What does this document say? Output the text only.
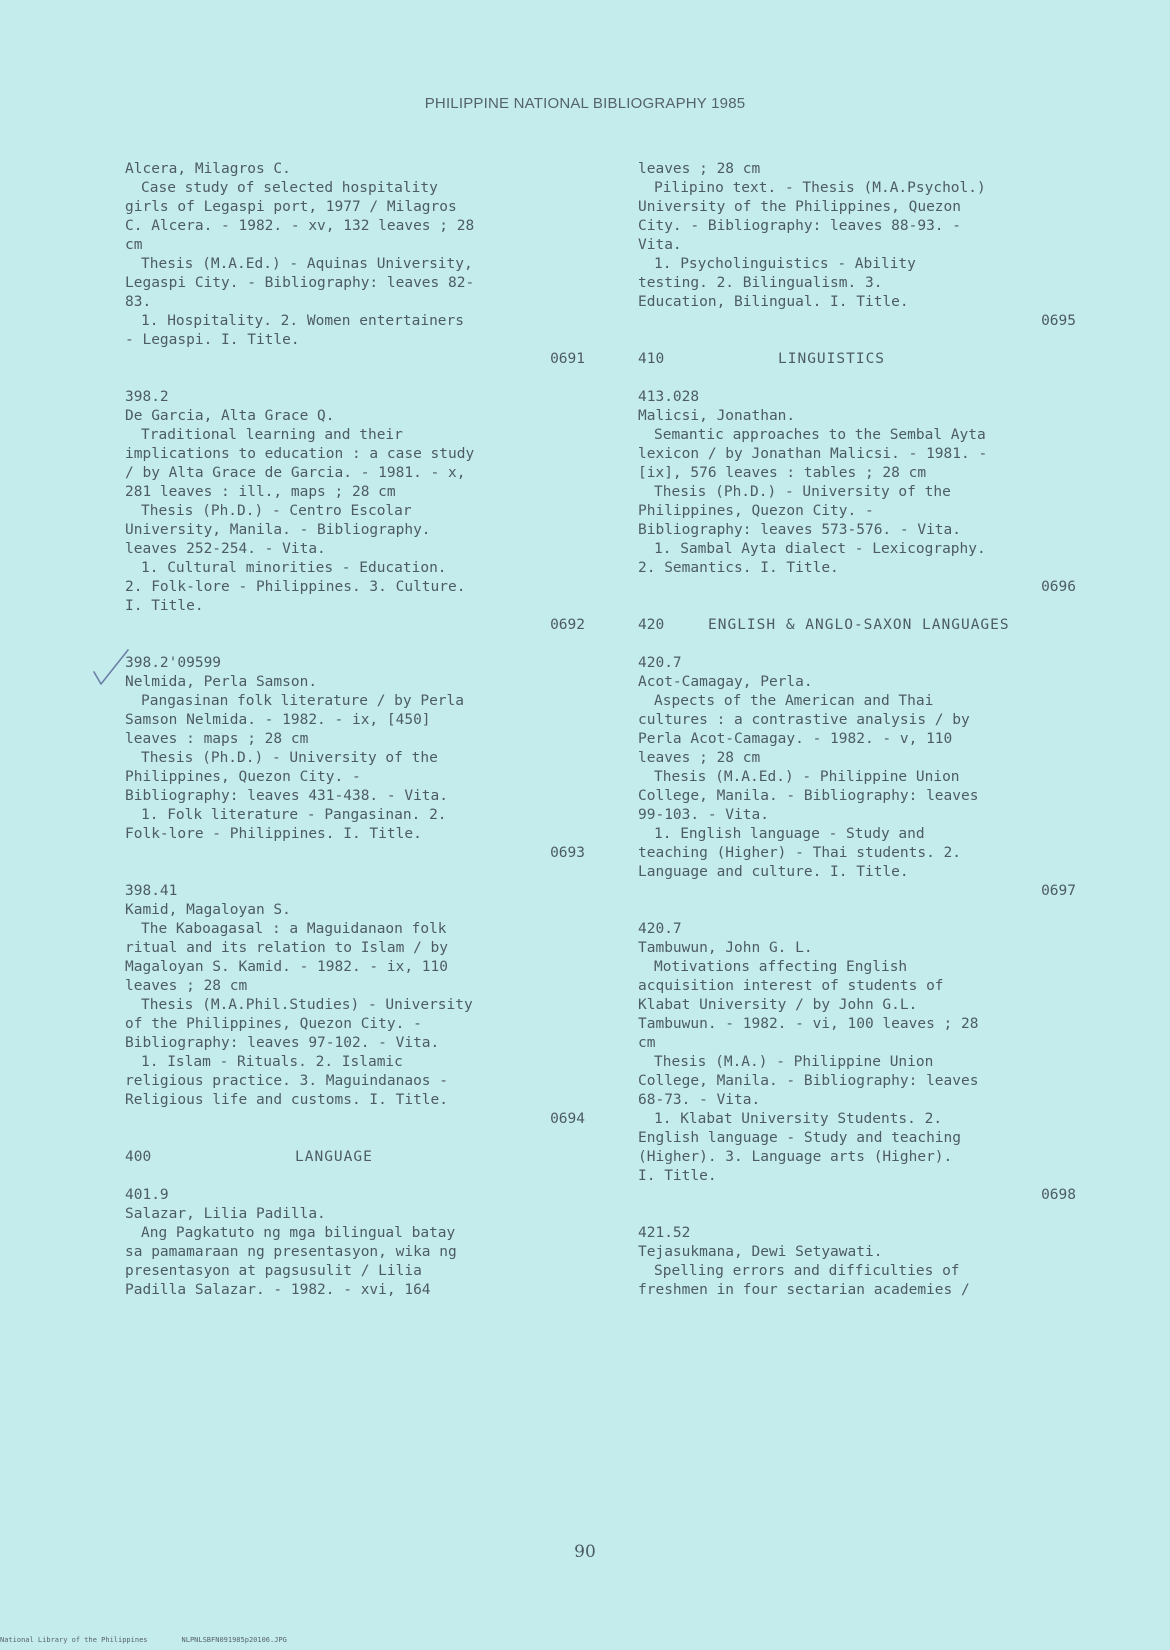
PHILIPPINE NATIONAL BIBLIOGRAPHY 1985
Alcera, Milagros C.
Case study of selected hospitality
girls of Legaspi port, 1977 / Milagros
C. Alcera. - 1982. - xv, 132 leaves ; 28
cm
Thesis (M.A.Ed.) - Aquinas University,
Legaspi City. - Bibliography: leaves 82-
83.
1. Hospitality. 2. Women entertainers
- Legaspi. I. Title.
0691
398.2
De Garcia, Alta Grace Q.
Traditional learning and their
implications to education : a case study
/ by Alta Grace de Garcia. - 1981. - x,
281 leaves : ill., maps ; 28 cm
Thesis (Ph.D.) - Centro Escolar
University, Manila. - Bibliography.
leaves 252-254. - Vita.
1. Cultural minorities - Education.
2. Folk-lore - Philippines. 3. Culture.
I. Title.
0692
398.2'09599
Nelmida, Perla Samson.
Pangasinan folk literature / by Perla
Samson Nelmida. - 1982. - ix, [450]
leaves : maps ; 28 cm
Thesis (Ph.D.) - University of the
Philippines, Quezon City. -
Bibliography: leaves 431-438. - Vita.
1. Folk literature - Pangasinan. 2.
Folk-lore - Philippines. I. Title.
0693
398.41
Kamid, Magaloyan S.
The Kaboagasal : a Maguidanaon folk
ritual and its relation to Islam / by
Magaloyan S. Kamid. - 1982. - ix, 110
leaves ; 28 cm
Thesis (M.A.Phil.Studies) - University
of the Philippines, Quezon City. -
Bibliography: leaves 97-102. - Vita.
1. Islam - Rituals. 2. Islamic
religious practice. 3. Maguindanaos -
Religious life and customs. I. Title.
0694
400	LANGUAGE
401.9
Salazar, Lilia Padilla.
Ang Pagkatuto ng mga bilingual batay
sa pamamaraan ng presentasyon, wika ng
presentasyon at pagsusulit / Lilia
Padilla Salazar. - 1982. - xvi, 164
leaves ; 28 cm
Pilipino text. - Thesis (M.A.Psychol.)
University of the Philippines, Quezon
City. - Bibliography: leaves 88-93. -
Vita.
1. Psycholinguistics - Ability
testing. 2. Bilingualism. 3.
Education, Bilingual. I. Title.
0695
410	LINGUISTICS
413.028
Malicsi, Jonathan.
Semantic approaches to the Sembal Ayta
lexicon / by Jonathan Malicsi. - 1981. -
[ix], 576 leaves : tables ; 28 cm
Thesis (Ph.D.) - University of the
Philippines, Quezon City. -
Bibliography: leaves 573-576. - Vita.
1. Sambal Ayta dialect - Lexicography.
2. Semantics. I. Title.
0696
420	ENGLISH & ANGLO-SAXON LANGUAGES
420.7
Acot-Camagay, Perla.
Aspects of the American and Thai
cultures : a contrastive analysis / by
Perla Acot-Camagay. - 1982. - v, 110
leaves ; 28 cm
Thesis (M.A.Ed.) - Philippine Union
College, Manila. - Bibliography: leaves
99-103. - Vita.
1. English language - Study and
teaching (Higher) - Thai students. 2.
Language and culture. I. Title.
0697
420.7
Tambuwun, John G. L.
Motivations affecting English
acquisition interest of students of
Klabat University / by John G.L.
Tambuwun. - 1982. - vi, 100 leaves ; 28
cm
Thesis (M.A.) - Philippine Union
College, Manila. - Bibliography: leaves
68-73. - Vita.
1. Klabat University Students. 2.
English language - Study and teaching
(Higher). 3. Language arts (Higher).
I. Title.
0698
421.52
Tejasukmana, Dewi Setyawati.
Spelling errors and difficulties of
freshmen in four sectarian academies /
90
National Library of the Philippines	NLPNLSBFN091985p20106.JPG
